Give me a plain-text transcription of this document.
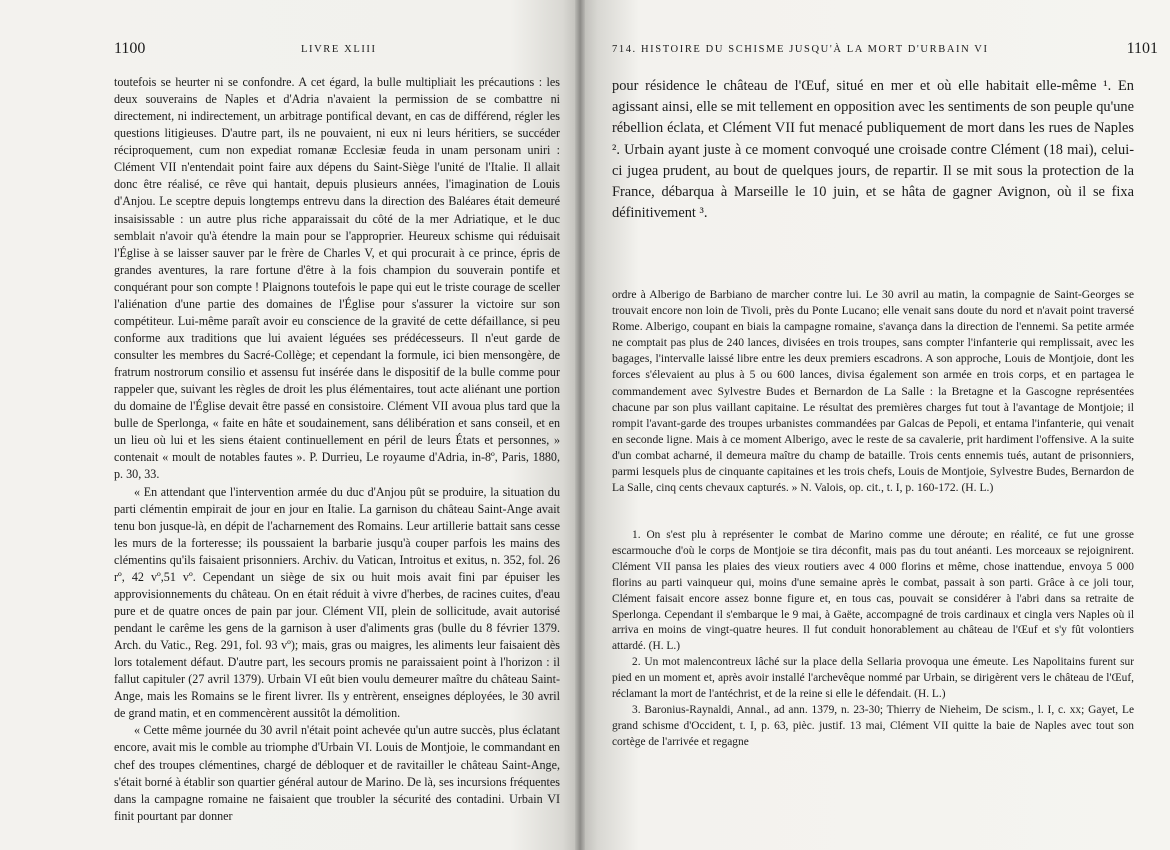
1100	LIVRE XLIII

toutefois se heurter ni se confondre. A cet égard, la bulle multipliait les précautions : les deux souverains de Naples et d'Adria n'avaient la permission de se combattre ni directement, ni indirectement, un arbitrage pontifical devant, en cas de différend, régler les questions litigieuses. D'autre part, ils ne pouvaient, ni eux ni leurs héritiers, se succéder réciproquement, cum non expediat romanæ Ecclesiæ feuda in unam personam uniri : Clément VII n'entendait point faire aux dépens du Saint-Siège l'unité de l'Italie. Il allait donc être réalisé, ce rêve qui hantait, depuis plusieurs années, l'imagination de Louis d'Anjou. Le sceptre depuis longtemps entrevu dans la direction des Baléares était demeuré insaisissable : un autre plus riche apparaissait du côté de la mer Adriatique, et le duc semblait n'avoir qu'à étendre la main pour se l'approprier. Heureux schisme qui réduisait l'Église à se laisser sauver par le frère de Charles V, et qui procurait à ce prince, épris de grandes aventures, la rare fortune d'être à la fois champion du souverain pontife et conquérant pour son compte ! Plaignons toutefois le pape qui eut le triste courage de sceller l'aliénation d'une partie des domaines de l'Église pour s'assurer la victoire sur son compétiteur. Lui-même paraît avoir eu conscience de la gravité de cette défaillance, si peu conforme aux traditions que lui avaient léguées ses prédécesseurs. Il n'eut garde de consulter les membres du Sacré-Collège; et cependant la formule, ici bien mensongère, de fratrum nostrorum consilio et assensu fut insérée dans le dispositif de la bulle comme pour rappeler que, suivant les règles de droit les plus élémentaires, tout acte aliénant une portion du domaine de l'Église devait être passé en consistoire. Clément VII avoua plus tard que la bulle de Sperlonga, « faite en hâte et soudainement, sans délibération et sans conseil, et en un lieu où lui et les siens étaient continuellement en péril de leurs États et personnes, » contenait « moult de notables fautes ». P. Durrieu, Le royaume d'Adria, in-8º, Paris, 1880, p. 30, 33.

« En attendant que l'intervention armée du duc d'Anjou pût se produire, la situation du parti clémentin empirait de jour en jour en Italie. La garnison du château Saint-Ange avait tenu bon jusque-là, en dépit de l'acharnement des Romains. Leur artillerie battait sans cesse les murs de la forteresse; ils poussaient la barbarie jusqu'à couper parfois les mains des clémentins qu'ils faisaient prisonniers. Archiv. du Vatican, Introitus et exitus, n. 352, fol. 26 rº, 42 vº,51 vº. Cependant un siège de six ou huit mois avait fini par épuiser les approvisionnements du château. On en était réduit à vivre d'herbes, de racines cuites, d'eau pure et de quatre onces de pain par jour. Clément VII, plein de sollicitude, avait autorisé pendant le carême les gens de la garnison à user d'aliments gras (bulle du 8 février 1379. Arch. du Vatic., Reg. 291, fol. 93 vº); mais, gras ou maigres, les aliments leur faisaient dès lors totalement défaut. D'autre part, les secours promis ne paraissaient point à l'horizon : il fallut capituler (27 avril 1379). Urbain VI eût bien voulu demeurer maître du château Saint-Ange, mais les Romains se le firent livrer. Ils y entrèrent, enseignes déployées, le 30 avril de grand matin, et en commencèrent aussitôt la démolition.

« Cette même journée du 30 avril n'était point achevée qu'un autre succès, plus éclatant encore, avait mis le comble au triomphe d'Urbain VI. Louis de Montjoie, le commandant en chef des troupes clémentines, chargé de débloquer et de ravitailler le château Saint-Ange, s'était borné à établir son quartier général autour de Marino. De là, ses incursions fréquentes dans la campagne romaine ne faisaient que troubler la sécurité des contadini. Urbain VI finit pourtant par donner

714. HISTOIRE DU SCHISME JUSQU'À LA MORT D'URBAIN VI	1101

pour résidence le château de l'Œuf, situé en mer et où elle habitait elle-même ¹. En agissant ainsi, elle se mit tellement en opposition avec les sentiments de son peuple qu'une rébellion éclata, et Clément VII fut menacé publiquement de mort dans les rues de Naples ². Urbain ayant juste à ce moment convoqué une croisade contre Clément (18 mai), celui-ci jugea prudent, au bout de quelques jours, de repartir. Il se mit sous la protection de la France, débarqua à Marseille le 10 juin, et se hâta de gagner Avignon, où il se fixa définitivement ³.

ordre à Alberigo de Barbiano de marcher contre lui. Le 30 avril au matin, la compagnie de Saint-Georges se trouvait encore non loin de Tivoli, près du Ponte Lucano; elle venait sans doute du nord et n'avait point traversé Rome. Alberigo, coupant en biais la campagne romaine, s'avança dans la direction de l'ennemi. Sa petite armée ne comptait pas plus de 240 lances, divisées en trois troupes, sans compter l'infanterie qui remplissait, avec les bagages, l'intervalle laissé libre entre les deux premiers escadrons. A son approche, Louis de Montjoie, dont les forces s'élevaient au plus à 5 ou 600 lances, divisa également son armée en trois corps, et en partagea le commandement avec Sylvestre Budes et Bernardon de La Salle : la Bretagne et la Gascogne représentées chacune par son plus vaillant capitaine. Le résultat des premières charges fut tout à l'avantage de Montjoie; il rompit l'avant-garde des troupes urbanistes commandées par Galcas de Pepoli, et entama l'infanterie, qui venait en seconde ligne. Mais à ce moment Alberigo, avec le reste de sa cavalerie, prit hardiment l'offensive. A la suite d'un combat acharné, il demeura maître du champ de bataille. Trois cents ennemis tués, autant de prisonniers, parmi lesquels plus de cinquante capitaines et les trois chefs, Louis de Montjoie, Sylvestre Budes, Bernardon de La Salle, cinq cents chevaux capturés. » N. Valois, op. cit., t. I, p. 160-172. (H. L.)

1. On s'est plu à représenter le combat de Marino comme une déroute; en réalité, ce fut une grosse escarmouche d'où le corps de Montjoie se tira déconfit, mais pas du tout anéanti. Les morceaux se rejoignirent. Clément VII pansa les plaies des vieux routiers avec 4 000 florins et même, chose inattendue, envoya 5 000 florins au parti vainqueur qui, moins d'une semaine après le combat, passait à son parti. Grâce à ce joli tour, Clément faisait encore assez bonne figure et, en tous cas, pouvait se considérer à l'abri dans sa retraite de Sperlonga. Cependant il s'embarque le 9 mai, à Gaëte, accompagné de trois cardinaux et cingla vers Naples où il arriva en moins de vingt-quatre heures. Il fut conduit honorablement au château de l'Œuf et s'y fût volontiers attardé. (H. L.)

2. Un mot malencontreux lâché sur la place della Sellaria provoqua une émeute. Les Napolitains furent sur pied en un moment et, après avoir installé l'archevêque nommé par Urbain, se dirigèrent vers le château de l'Œuf, réclamant la mort de l'antéchrist, et de la reine si elle le défendait. (H. L.)

3. Baronius-Raynaldi, Annal., ad ann. 1379, n. 23-30; Thierry de Nieheim, De scism., l. I, c. xx; Gayet, Le grand schisme d'Occident, t. I, p. 63, pièc. justif. 13 mai, Clément VII quitte la baie de Naples avec tout son cortège de l'arrivée et regagne
